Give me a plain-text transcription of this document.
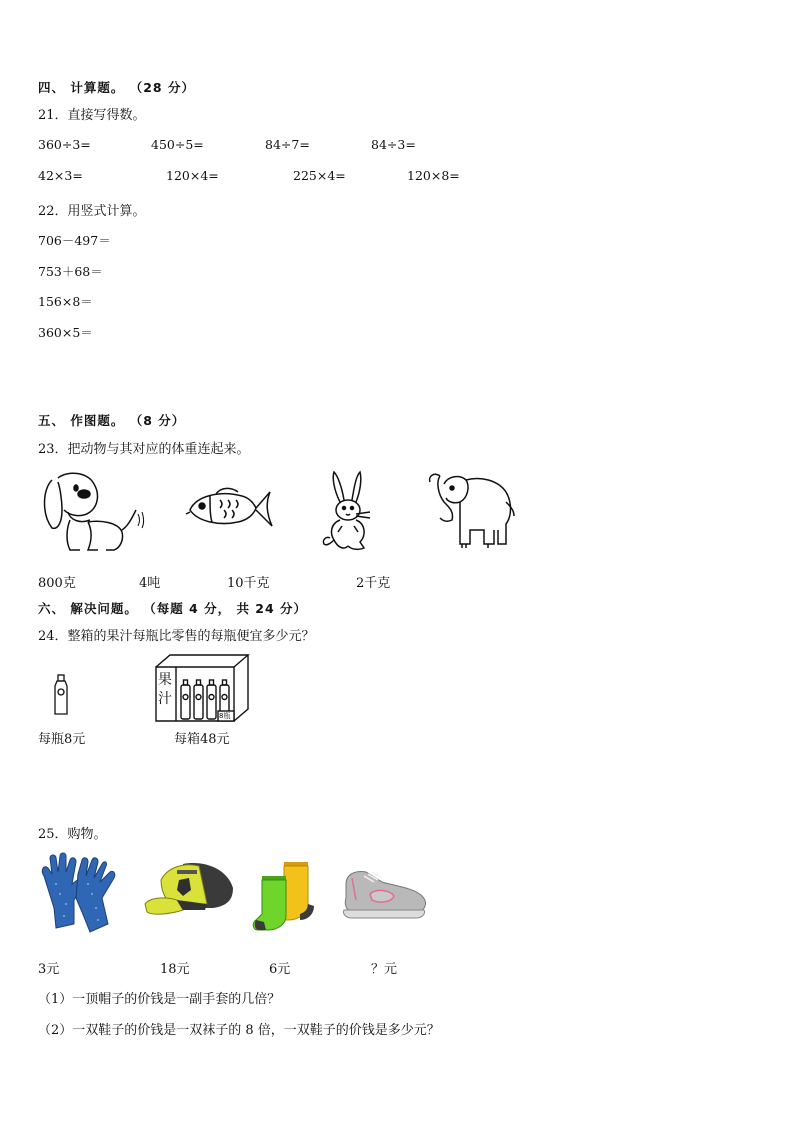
四、 计算题。 （28 分）
21．直接写得数。
360÷3=	450÷5=	84÷7=	84÷3=
42×3=	120×4=	225×4=	120×8=
22．用竖式计算。
706－497＝
753＋68＝
156×8＝
360×5＝
五、 作图题。 （8 分）
23．把动物与其对应的体重连起来。
800克	4吨	10千克	2千克
六、 解决问题。 （每题 4 分， 共 24 分）
24．整箱的果汁每瓶比零售的每瓶便宜多少元？
果
汁
8瓶
每瓶8元	每箱48元
25．购物。
3元	18元	6元	？元
（1）一顶帽子的价钱是一副手套的几倍？
（2）一双鞋子的价钱是一双袜子的 8 倍，一双鞋子的价钱是多少元？
